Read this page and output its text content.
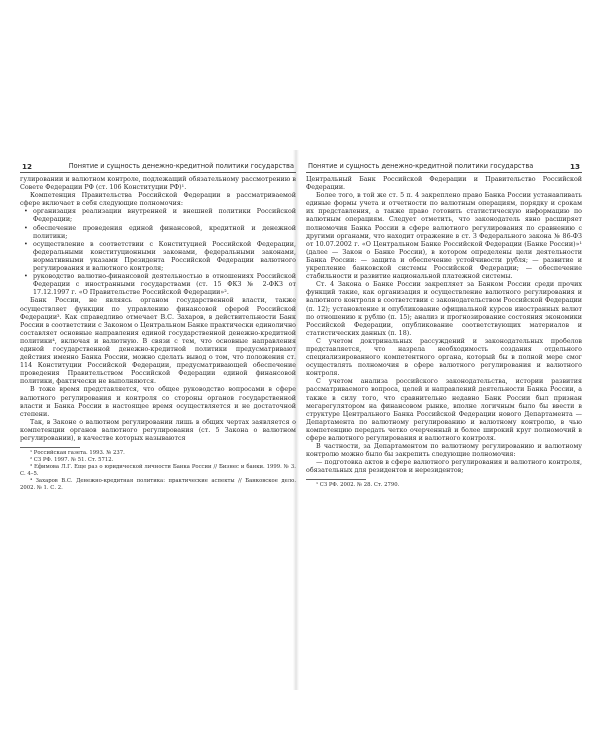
12	Понятие и сущность денежно-кредитной политики государства

гулировании и валютном контроле, подлежащий обязательному рассмотрению в Совете Федерации РФ (ст. 106 Конституции РФ)¹.

Компетенция Правительства Российской Федерации в рассматриваемой сфере включает в себя следующие полномочия:

• организация реализации внутренней и внешней политики Российской Федерации;
• обеспечение проведения единой финансовой, кредитной и денежной политики;
• осуществление в соответствии с Конституцией Российской Федерации, федеральными конституционными законами, федеральными законами, нормативными указами Президента Российской Федерации валютного регулирования и валютного контроля;
• руководство валютно-финансовой деятельностью в отношениях Российской Федерации с иностранными государствами (ст. 15 ФКЗ № 2-ФКЗ от 17.12.1997 г. «О Правительстве Российской Федерации»².

Банк России, не являясь органом государственной власти, также осуществляет функции по управлению финансовой сферой Российской Федерации³. Как справедливо отмечает В.С. Захаров, в действительности Банк России в соответствии с Законом о Центральном Банке практически единолично составляет основные направления единой государственной денежно-кредитной политики⁴, включая и валютную. В связи с тем, что основные направления единой государственной денежно-кредитной политики предусматривают действия именно Банка России, можно сделать вывод о том, что положения ст. 114 Конституции Российской Федерации, предусматривающей обеспечение проведения Правительством Российской Федерации единой финансовой политики, фактически не выполняются.

В тоже время представляется, что общее руководство вопросами в сфере валютного регулирования и контроля со стороны органов государственной власти и Банка России в настоящее время осуществляется и не достаточной степени.

Так, в Законе о валютном регулировании лишь в общих чертах заявляется о компетенции органов валютного регулирования (ст. 5 Закона о валютном регулировании), в качестве которых называются

¹ Российская газета. 1993. № 237.

² СЗ РФ. 1997. № 51. Ст. 5712.

³ Ефимова Л.Г. Еще раз о юридической личности Банка России // Бизнес и банки. 1999. № 3. С. 4–5.

⁴ Захаров В.С. Денежно-кредитная политика: практические аспекты // Банковское дело. 2002. № 1. С. 2.

Понятие и сущность денежно-кредитной политики государства	13

Центральный Банк Российской Федерации и Правительство Российской Федерации.

Более того, в той же ст. 5 п. 4 закреплено право Банка России устанавливать единые формы учета и отчетности по валютным операциям, порядку и срокам их представления, а также право готовить статистическую информацию по валютным операциям. Следует отметить, что законодатель явно расширяет полномочия Банка России в сфере валютного регулирования по сравнению с другими органами, что находит отражение в ст. 3 Федерального закона № 86-ФЗ от 10.07.2002 г. «О Центральном Банке Российской Федерации (Банке России)»¹ (далее — Закон о Банке России), в котором определены цели деятельности Банка России: — защита и обеспечение устойчивости рубля; — развитие и укрепление банковской системы Российской Федерации; — обеспечение стабильности и развитие национальной платежной системы.

Ст. 4 Закона о Банке России закрепляет за Банком России среди прочих функций такие, как организация и осуществление валютного регулирования и валютного контроля в соответствии с законодательством Российской Федерации (п. 12); установление и опубликование официальной курсов иностранных валют по отношению к рублю (п. 15); анализ и прогнозирование состояния экономики Российской Федерации, опубликование соответствующих материалов и статистических данных (п. 18).

С учетом доктринальных рассуждений и законодательных пробелов представляется, что назрела необходимость создания отдельного специализированного компетентного органа, который бы в полной мере смог осуществлять полномочия в сфере валютного регулирования и валютного контроля.

С учетом анализа российского законодательства, истории развития рассматриваемого вопроса, целей и направлений деятельности Банка России, а также в силу того, что сравнительно недавно Банк России был признан мегарегулятором на финансовом рынке, вполне логичным было бы ввести в структуре Центрального Банка Российской Федерации нового Департамента — Департамента по валютному регулированию и валютному контролю, в чью компетенцию передать четко очерченный и более широкий круг полномочий в сфере валютного регулирования и валютного контроля.

В частности, за Департаментом по валютному регулированию и валютному контролю можно было бы закрепить следующие полномочия:

— подготовка актов в сфере валютного регулирования и валютного контроля, обязательных для резидентов и нерезидентов;

¹ СЗ РФ. 2002. № 28. Ст. 2790.
